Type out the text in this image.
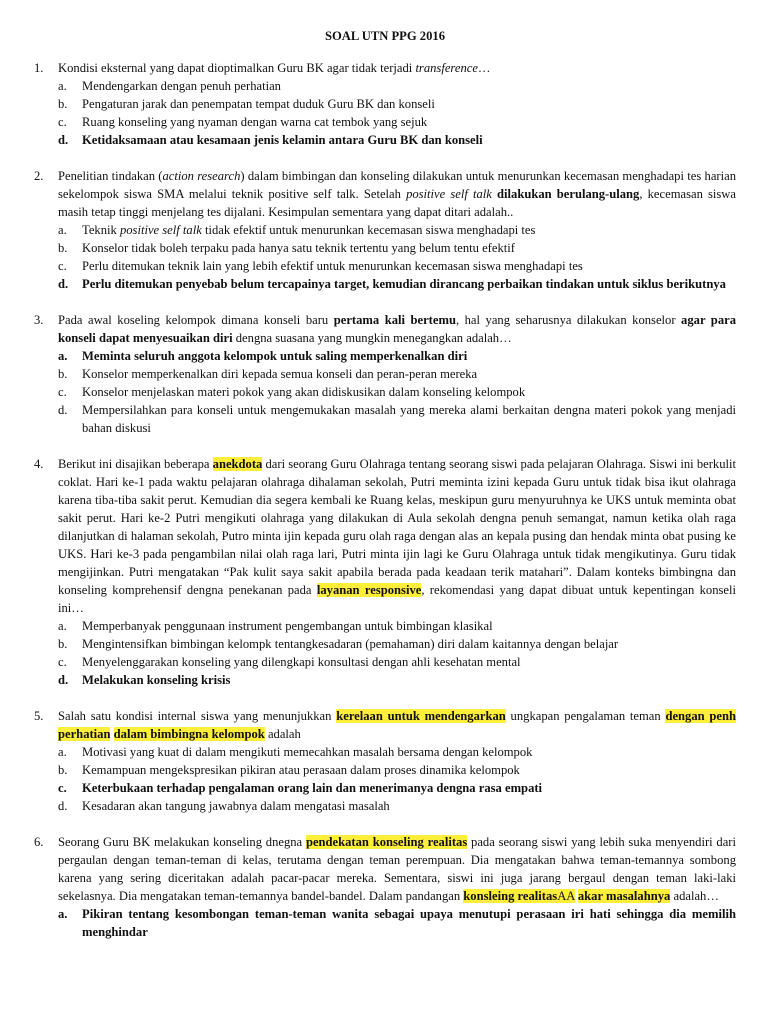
SOAL UTN PPG 2016
1.	Kondisi eksternal yang dapat dioptimalkan Guru BK agar tidak terjadi transference…
a.	Mendengarkan dengan penuh perhatian
b.	Pengaturan jarak dan penempatan tempat duduk Guru BK dan konseli
c.	Ruang konseling yang nyaman dengan warna cat tembok yang sejuk
d.	Ketidaksamaan atau kesamaan jenis kelamin antara Guru BK dan konseli
2.	Penelitian tindakan (action research) dalam bimbingan dan konseling dilakukan untuk menurunkan kecemasan menghadapi tes harian sekelompok siswa SMA melalui teknik positive self talk. Setelah positive self talk dilakukan berulang-ulang, kecemasan siswa masih tetap tinggi menjelang tes dijalani. Kesimpulan sementara yang dapat ditari adalah..
a.	Teknik positive self talk tidak efektif untuk menurunkan kecemasan siswa menghadapi tes
b.	Konselor tidak boleh terpaku pada hanya satu teknik tertentu yang belum tentu efektif
c.	Perlu ditemukan teknik lain yang lebih efektif untuk menurunkan kecemasan siswa menghadapi tes
d.	Perlu ditemukan penyebab belum tercapainya target, kemudian dirancang perbaikan tindakan untuk siklus berikutnya
3.	Pada awal koseling kelompok dimana konseli baru pertama kali bertemu, hal yang seharusnya dilakukan konselor agar para konseli dapat menyesuaikan diri dengna suasana yang mungkin menegangkan adalah…
a.	Meminta seluruh anggota kelompok untuk saling memperkenalkan diri
b.	Konselor memperkenalkan diri kepada semua konseli dan peran-peran mereka
c.	Konselor menjelaskan materi pokok yang akan didiskusikan dalam konseling kelompok
d.	Mempersilahkan para konseli untuk mengemukakan masalah yang mereka alami berkaitan dengna materi pokok yang menjadi bahan diskusi
4.	Berikut ini disajikan beberapa anekdota dari seorang Guru Olahraga tentang seorang siswi pada pelajaran Olahraga. Siswi ini berkulit coklat. Hari ke-1 pada waktu pelajaran olahraga dihalaman sekolah, Putri meminta izini kepada Guru untuk tidak bisa ikut olahraga karena tiba-tiba sakit perut. Kemudian dia segera kembali ke Ruang kelas, meskipun guru menyuruhnya ke UKS untuk meminta obat sakit perut. Hari ke-2 Putri mengikuti olahraga yang dilakukan di Aula sekolah dengna penuh semangat, namun ketika olah raga dilanjutkan di halaman sekolah, Putro minta ijin kepada guru olah raga dengan alas an kepala pusing dan hendak minta obat pusing ke UKS. Hari ke-3 pada pengambilan nilai olah raga lari, Putri minta ijin lagi ke Guru Olahraga untuk tidak mengikutinya. Guru tidak mengijinkan. Putri mengatakan “Pak kulit saya sakit apabila berada pada keadaan terik matahari”. Dalam konteks bimbingna dan konseling komprehensif dengna penekanan pada layanan responsive, rekomendasi yang dapat dibuat untuk kepentingan konseli ini…
a.	Memperbanyak penggunaan instrument pengembangan untuk bimbingan klasikal
b.	Mengintensifkan bimbingan kelompk tentangkesadaran (pemahaman) diri dalam kaitannya dengan belajar
c.	Menyelenggarakan konseling yang dilengkapi konsultasi dengan ahli kesehatan mental
d.	Melakukan konseling krisis
5.	Salah satu kondisi internal siswa yang menunjukkan kerelaan untuk mendengarkan ungkapan pengalaman teman dengan penh perhatian dalam bimbingna kelompok adalah
a.	Motivasi yang kuat di dalam mengikuti memecahkan masalah bersama dengan kelompok
b.	Kemampuan mengekspresikan pikiran atau perasaan dalam proses dinamika kelompok
c.	Keterbukaan terhadap pengalaman orang lain dan menerimanya dengna rasa empati
d.	Kesadaran akan tangung jawabnya dalam mengatasi masalah
6.	Seorang Guru BK melakukan konseling dnegna pendekatan konseling realitas pada seorang siswi yang lebih suka menyendiri dari pergaulan dengan teman-teman di kelas, terutama dengan teman perempuan. Dia mengatakan bahwa teman-temannya sombong karena yang sering diceritakan adalah pacar-pacar mereka. Sementara, siswi ini juga jarang bergaul dengan teman laki-laki sekelasnya. Dia mengatakan teman-temannya bandel-bandel. Dalam pandangan konsleing realitasAA akar masalahnya adalah…
a.	Pikiran tentang kesombongan teman-teman wanita sebagai upaya menutupi perasaan iri hati sehingga dia memilih menghindar
